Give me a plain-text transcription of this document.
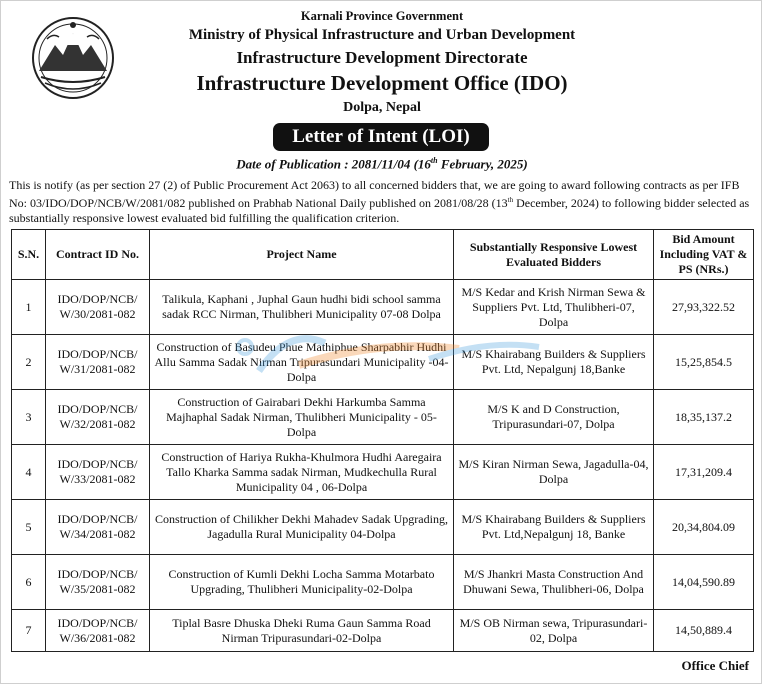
Karnali Province Government
Ministry of Physical Infrastructure and Urban Development
Infrastructure Development Directorate
Infrastructure Development Office (IDO)
Dolpa, Nepal
Letter of Intent (LOI)
Date of Publication : 2081/11/04 (16th February, 2025)
This is notify (as per section 27 (2) of Public Procurement Act 2063) to all concerned bidders that, we are going to award following contracts as per IFB No: 03/IDO/DOP/NCB/W/2081/082 published on Prabhab National Daily published on 2081/08/28 (13th December, 2024) to following bidder selected as substantially responsive lowest evaluated bid fulfilling the qualification criterion.
S.N.	Contract ID No.	Project Name	Substantially Responsive Lowest Evaluated Bidders	Bid Amount Including VAT & PS (NRs.)
1	IDO/DOP/NCB/ W/30/2081-082	Talikula, Kaphani , Juphal Gaun hudhi bidi school samma sadak RCC Nirman, Thulibheri Municipality 07-08 Dolpa	M/S Kedar and Krish Nirman Sewa & Suppliers Pvt. Ltd, Thulibheri-07, Dolpa	27,93,322.52
2	IDO/DOP/NCB/ W/31/2081-082	Construction of Basudeu Phue Mathiphue Sharpabhir Hudhi Allu Samma Sadak Nirman Tripurasundari Municipality -04-Dolpa	M/S Khairabang Builders & Suppliers Pvt. Ltd, Nepalgunj 18,Banke	15,25,854.5
3	IDO/DOP/NCB/ W/32/2081-082	Construction of Gairabari Dekhi Harkumba Samma Majhaphal Sadak Nirman, Thulibheri Municipality - 05-Dolpa	M/S K and D Construction, Tripurasundari-07, Dolpa	18,35,137.2
4	IDO/DOP/NCB/ W/33/2081-082	Construction of Hariya Rukha-Khulmora Hudhi Aaregaira Tallo Kharka Samma sadak Nirman, Mudkechulla Rural Municipality 04 , 06-Dolpa	M/S Kiran Nirman Sewa, Jagadulla-04, Dolpa	17,31,209.4
5	IDO/DOP/NCB/ W/34/2081-082	Construction of Chilikher Dekhi Mahadev Sadak Upgrading, Jagadulla Rural Municipality 04-Dolpa	M/S Khairabang Builders & Suppliers Pvt. Ltd,Nepalgunj 18, Banke	20,34,804.09
6	IDO/DOP/NCB/ W/35/2081-082	Construction of Kumli Dekhi Locha Samma Motarbato Upgrading, Thulibheri Municipality-02-Dolpa	M/S Jhankri Masta Construction And Dhuwani Sewa, Thulibheri-06, Dolpa	14,04,590.89
7	IDO/DOP/NCB/ W/36/2081-082	Tiplal Basre Dhuska Dheki Ruma Gaun Samma Road Nirman Tripurasundari-02-Dolpa	M/S OB Nirman sewa, Tripurasundari-02, Dolpa	14,50,889.4
Office Chief
